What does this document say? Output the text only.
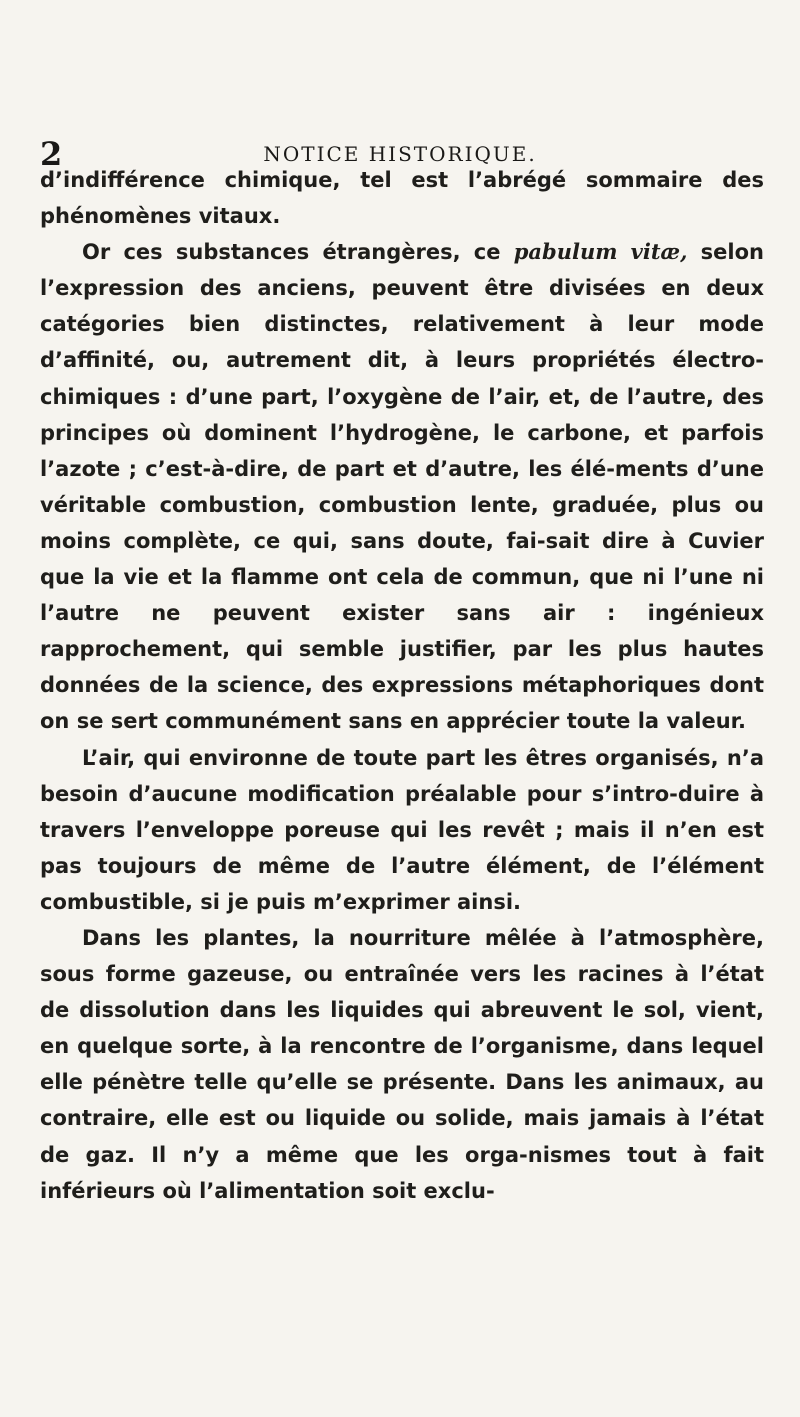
2	NOTICE HISTORIQUE.

d’indifférence chimique, tel est l’abrégé sommaire des phénomènes vitaux.

Or ces substances étrangères, ce pabulum vitæ, selon l’expression des anciens, peuvent être divisées en deux catégories bien distinctes, relativement à leur mode d’affinité, ou, autrement dit, à leurs propriétés électro-chimiques : d’une part, l’oxygène de l’air, et, de l’autre, des principes où dominent l’hydrogène, le carbone, et parfois l’azote ; c’est-à-dire, de part et d’autre, les élé-ments d’une véritable combustion, combustion lente, graduée, plus ou moins complète, ce qui, sans doute, fai-sait dire à Cuvier que la vie et la flamme ont cela de commun, que ni l’une ni l’autre ne peuvent exister sans air : ingénieux rapprochement, qui semble justifier, par les plus hautes données de la science, des expressions métaphoriques dont on se sert communément sans en apprécier toute la valeur.

L’air, qui environne de toute part les êtres organisés, n’a besoin d’aucune modification préalable pour s’intro-duire à travers l’enveloppe poreuse qui les revêt ; mais il n’en est pas toujours de même de l’autre élément, de l’élément combustible, si je puis m’exprimer ainsi.

Dans les plantes, la nourriture mêlée à l’atmosphère, sous forme gazeuse, ou entraînée vers les racines à l’état de dissolution dans les liquides qui abreuvent le sol, vient, en quelque sorte, à la rencontre de l’organisme, dans lequel elle pénètre telle qu’elle se présente. Dans les animaux, au contraire, elle est ou liquide ou solide, mais jamais à l’état de gaz. Il n’y a même que les orga-nismes tout à fait inférieurs où l’alimentation soit exclu-
